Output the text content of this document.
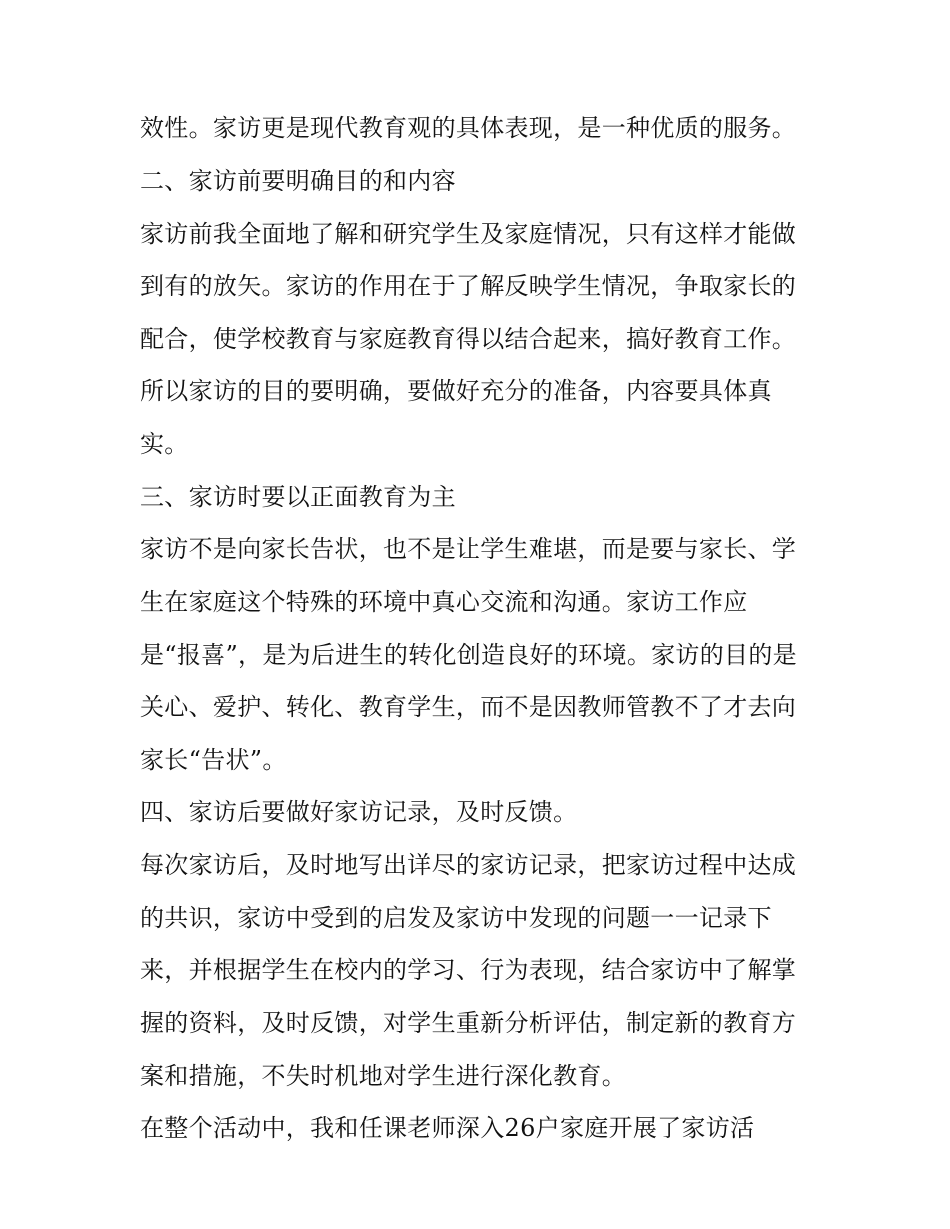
效性。家访更是现代教育观的具体表现，是一种优质的服务。
二、家访前要明确目的和内容
家访前我全面地了解和研究学生及家庭情况，只有这样才能做
到有的放矢。家访的作用在于了解反映学生情况，争取家长的
配合，使学校教育与家庭教育得以结合起来，搞好教育工作。
所以家访的目的要明确，要做好充分的准备，内容要具体真
实。
三、家访时要以正面教育为主
家访不是向家长告状，也不是让学生难堪，而是要与家长、学
生在家庭这个特殊的环境中真心交流和沟通。家访工作应
是“报喜”，是为后进生的转化创造良好的环境。家访的目的是
关心、爱护、转化、教育学生，而不是因教师管教不了才去向
家长“告状”。
四、家访后要做好家访记录，及时反馈。
每次家访后，及时地写出详尽的家访记录，把家访过程中达成
的共识，家访中受到的启发及家访中发现的问题一一记录下
来，并根据学生在校内的学习、行为表现，结合家访中了解掌
握的资料，及时反馈，对学生重新分析评估，制定新的教育方
案和措施，不失时机地对学生进行深化教育。
在整个活动中，我和任课老师深入26户家庭开展了家访活
